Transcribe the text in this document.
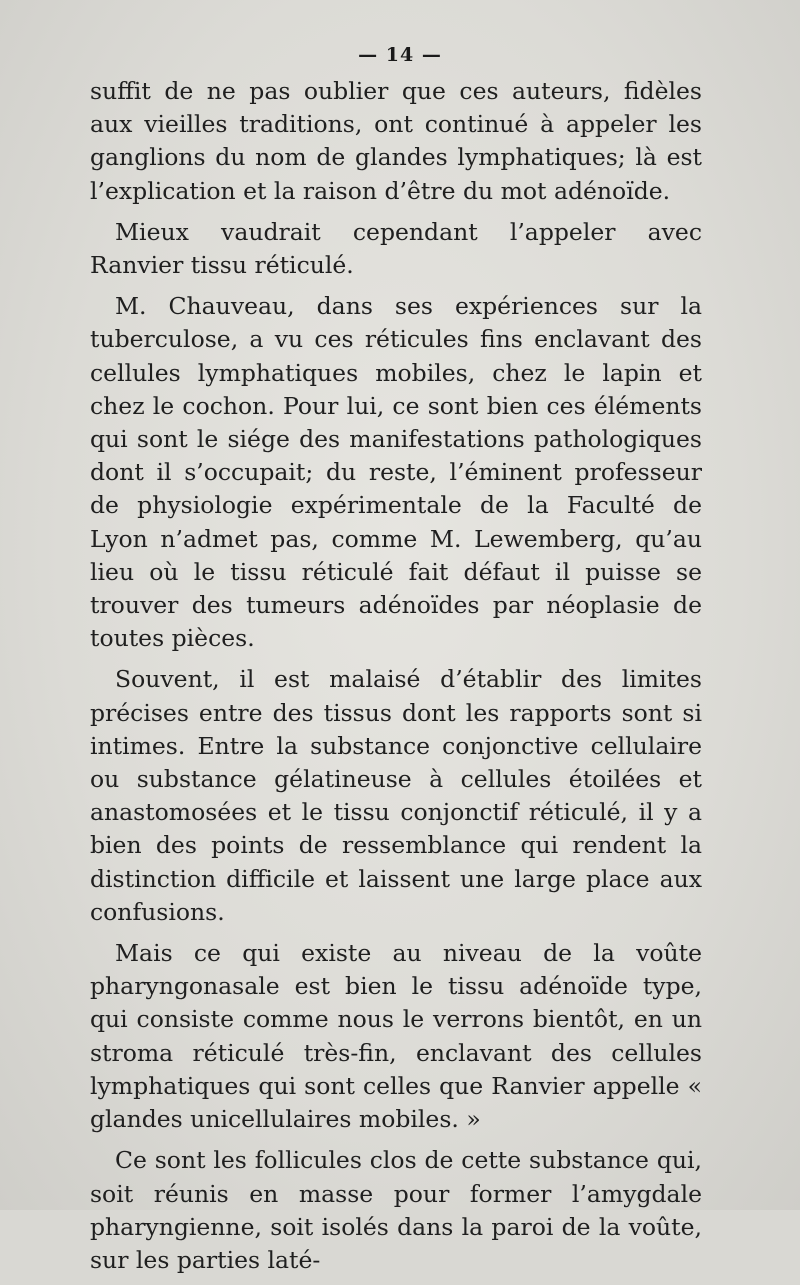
— 14 —

suffit de ne pas oublier que ces auteurs, fidèles aux vieilles traditions, ont continué à appeler les ganglions du nom de glandes lymphatiques; là est l’explication et la raison d’être du mot adénoïde.

Mieux vaudrait cependant l’appeler avec Ranvier tissu réticulé.

M. Chauveau, dans ses expériences sur la tuberculose, a vu ces réticules fins enclavant des cellules lymphatiques mobiles, chez le lapin et chez le cochon. Pour lui, ce sont bien ces éléments qui sont le siége des manifestations pathologiques dont il s’occupait; du reste, l’éminent professeur de physiologie expérimentale de la Faculté de Lyon n’admet pas, comme M. Lewemberg, qu’au lieu où le tissu réticulé fait défaut il puisse se trouver des tumeurs adénoïdes par néoplasie de toutes pièces.

Souvent, il est malaisé d’établir des limites précises entre des tissus dont les rapports sont si intimes. Entre la substance conjonctive cellulaire ou substance gélatineuse à cellules étoilées et anastomosées et le tissu conjonctif réticulé, il y a bien des points de ressemblance qui rendent la distinction difficile et laissent une large place aux confusions.

Mais ce qui existe au niveau de la voûte pharyngonasale est bien le tissu adénoïde type, qui consiste comme nous le verrons bientôt, en un stroma réticulé très-fin, enclavant des cellules lymphatiques qui sont celles que Ranvier appelle « glandes unicellulaires mobiles. »

Ce sont les follicules clos de cette substance qui, soit réunis en masse pour former l’amygdale pharyngienne, soit isolés dans la paroi de la voûte, sur les parties laté-
